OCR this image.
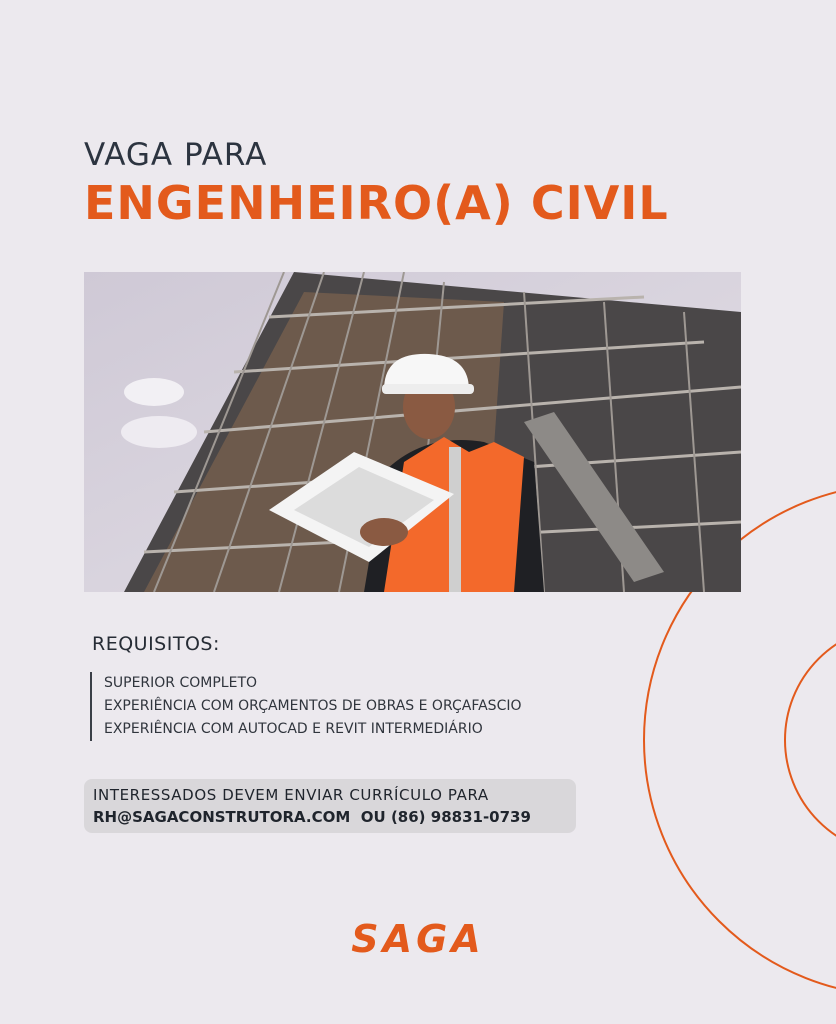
VAGA PARA
ENGENHEIRO(A) CIVIL
REQUISITOS:
SUPERIOR COMPLETO
EXPERIÊNCIA COM ORÇAMENTOS DE OBRAS E ORÇAFASCIO
EXPERIÊNCIA COM AUTOCAD E REVIT INTERMEDIÁRIO
INTERESSADOS DEVEM ENVIAR CURRÍCULO PARA
RH@SAGACONSTRUTORA.COM OU (86) 98831-0739
SAGA
